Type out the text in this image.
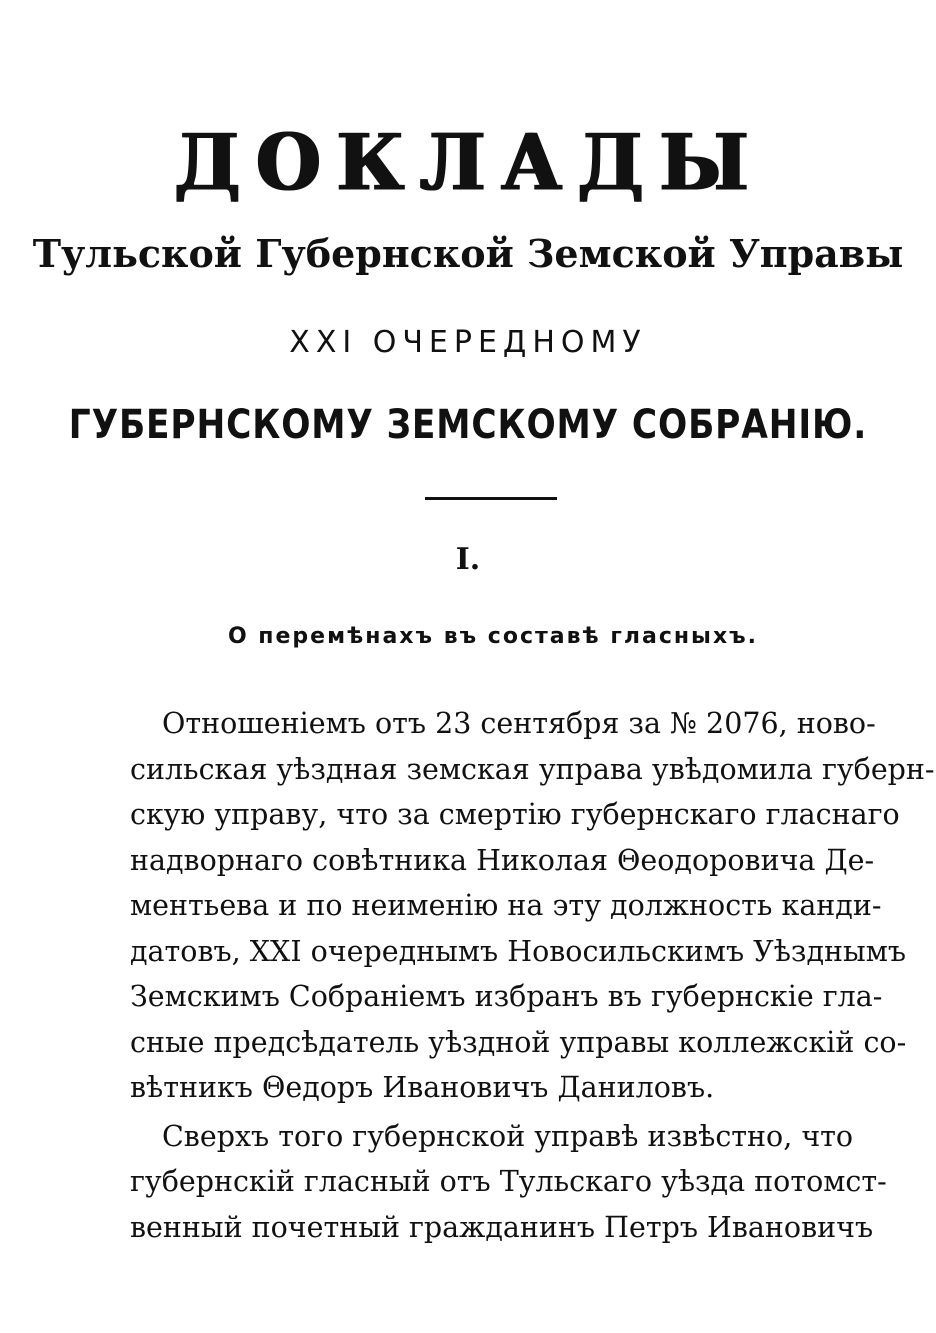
ДОКЛАДЫ
Тульской Губернской Земской Управы
XXI ОЧЕРЕДНОМУ
ГУБЕРНСКОМУ ЗЕМСКОМУ СОБРАНІЮ.
I.
О перемѣнахъ въ составѣ гласныхъ.
Отношеніемъ отъ 23 сентября за № 2076, ново-
сильская уѣздная земская управа увѣдомила губерн-
скую управу, что за смертію губернскаго гласнаго
надворнаго совѣтника Николая Θеодоровича Де-
ментьева и по неименію на эту должность канди-
датовъ, XXI очереднымъ Новосильскимъ Уѣзднымъ
Земскимъ Собраніемъ избранъ въ губернскіе гла-
сные предсѣдатель уѣздной управы коллежскій со-
вѣтникъ Θедоръ Ивановичъ Даниловъ.
Сверхъ того губернской управѣ извѣстно, что
губернскій гласный отъ Тульскаго уѣзда потомст-
венный почетный гражданинъ Петръ Ивановичъ
